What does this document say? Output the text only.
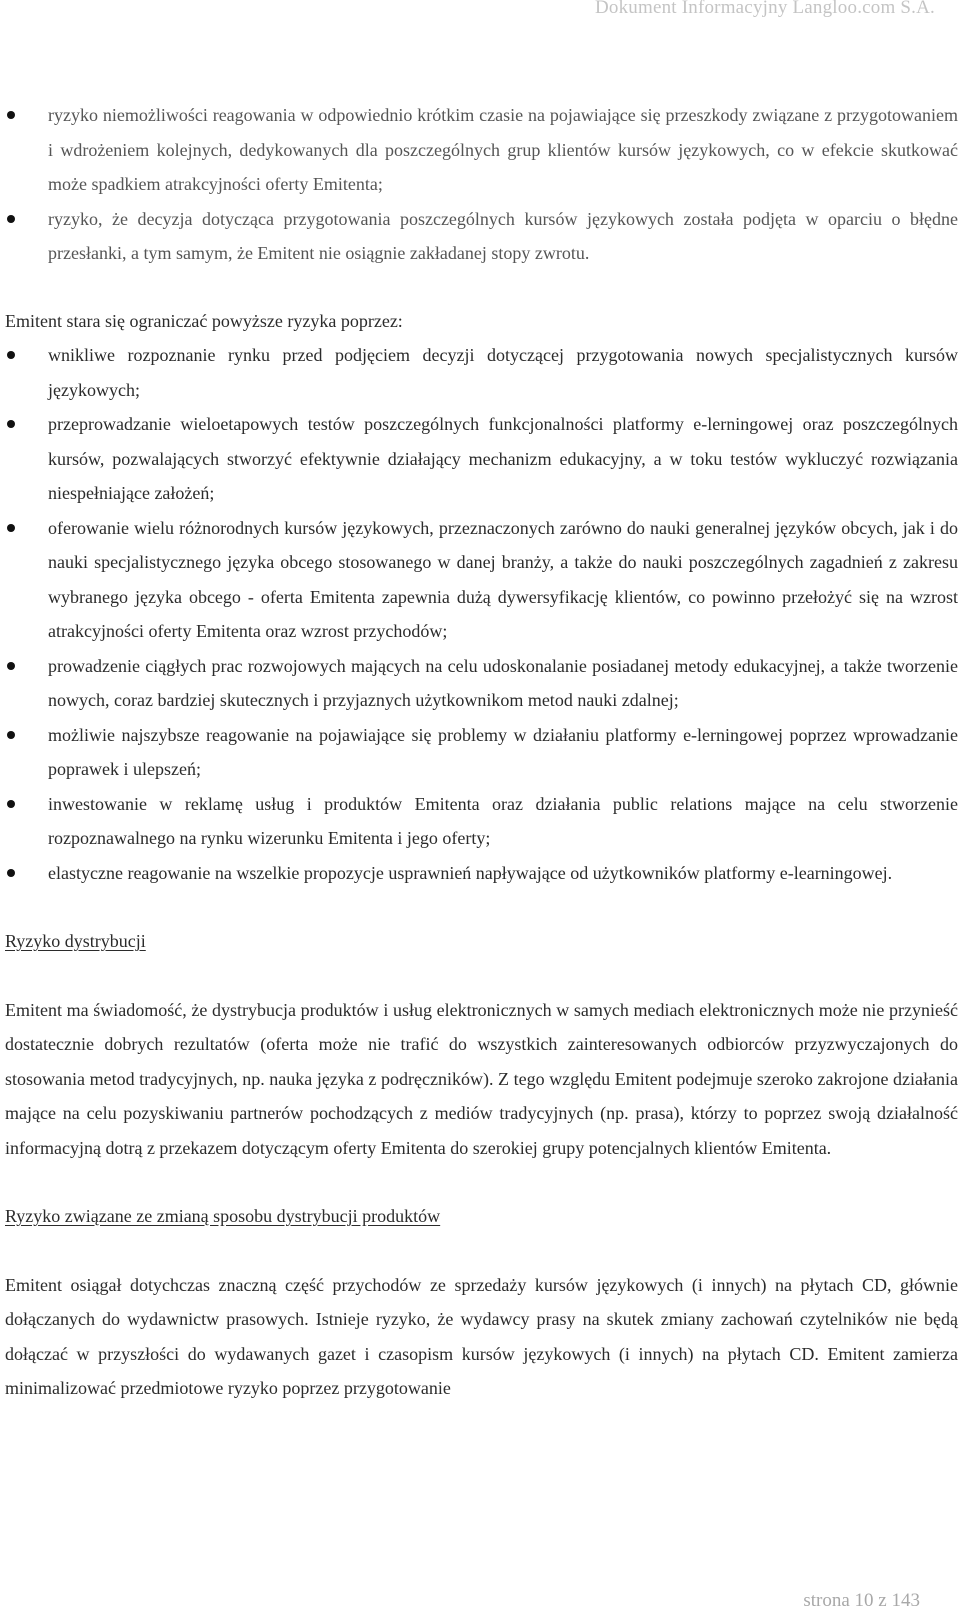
Dokument Informacyjny Langloo.com S.A.
ryzyko niemożliwości reagowania w odpowiednio krótkim czasie na pojawiające się przeszkody związane z przygotowaniem i wdrożeniem kolejnych, dedykowanych dla poszczególnych grup klientów kursów językowych, co w efekcie skutkować może spadkiem atrakcyjności oferty Emitenta;
ryzyko, że decyzja dotycząca przygotowania poszczególnych kursów językowych została podjęta w oparciu o błędne przesłanki, a tym samym, że Emitent nie osiągnie zakładanej stopy zwrotu.

Emitent stara się ograniczać powyższe ryzyka poprzez:

wnikliwe rozpoznanie rynku przed podjęciem decyzji dotyczącej przygotowania nowych specjalistycznych kursów językowych;
przeprowadzanie wieloetapowych testów poszczególnych funkcjonalności platformy e-lerningowej oraz poszczególnych kursów, pozwalających stworzyć efektywnie działający mechanizm edukacyjny, a w toku testów wykluczyć rozwiązania niespełniające założeń;
oferowanie wielu różnorodnych kursów językowych, przeznaczonych zarówno do nauki generalnej języków obcych, jak i do nauki specjalistycznego języka obcego stosowanego w danej branży, a także do nauki poszczególnych zagadnień z zakresu wybranego języka obcego - oferta Emitenta zapewnia dużą dywersyfikację klientów, co powinno przełożyć się na wzrost atrakcyjności oferty Emitenta oraz wzrost przychodów;
prowadzenie ciągłych prac rozwojowych mających na celu udoskonalanie posiadanej metody edukacyjnej, a także tworzenie nowych, coraz bardziej skutecznych i przyjaznych użytkownikom metod nauki zdalnej;
możliwie najszybsze reagowanie na pojawiające się problemy w działaniu platformy e-lerningowej poprzez wprowadzanie poprawek i ulepszeń;
inwestowanie w reklamę usług i produktów Emitenta oraz działania public relations mające na celu stworzenie rozpoznawalnego na rynku wizerunku Emitenta i jego oferty;
elastyczne reagowanie na wszelkie propozycje usprawnień napływające od użytkowników platformy e-learningowej.

Ryzyko dystrybucji

Emitent ma świadomość, że dystrybucja produktów i usług elektronicznych w samych mediach elektronicznych może nie przynieść dostatecznie dobrych rezultatów (oferta może nie trafić do wszystkich zainteresowanych odbiorców przyzwyczajonych do stosowania metod tradycyjnych, np. nauka języka z podręczników). Z tego względu Emitent podejmuje szeroko zakrojone działania mające na celu pozyskiwaniu partnerów pochodzących z mediów tradycyjnych (np. prasa), którzy to poprzez swoją działalność informacyjną dotrą z przekazem dotyczącym oferty Emitenta do szerokiej grupy potencjalnych klientów Emitenta.

Ryzyko związane ze zmianą sposobu dystrybucji produktów

Emitent osiągał dotychczas znaczną część przychodów ze sprzedaży kursów językowych (i innych) na płytach CD, głównie dołączanych do wydawnictw prasowych. Istnieje ryzyko, że wydawcy prasy na skutek zmiany zachowań czytelników nie będą dołączać w przyszłości do wydawanych gazet i czasopism kursów językowych (i innych) na płytach CD. Emitent zamierza minimalizować przedmiotowe ryzyko poprzez przygotowanie

strona 10 z 143
